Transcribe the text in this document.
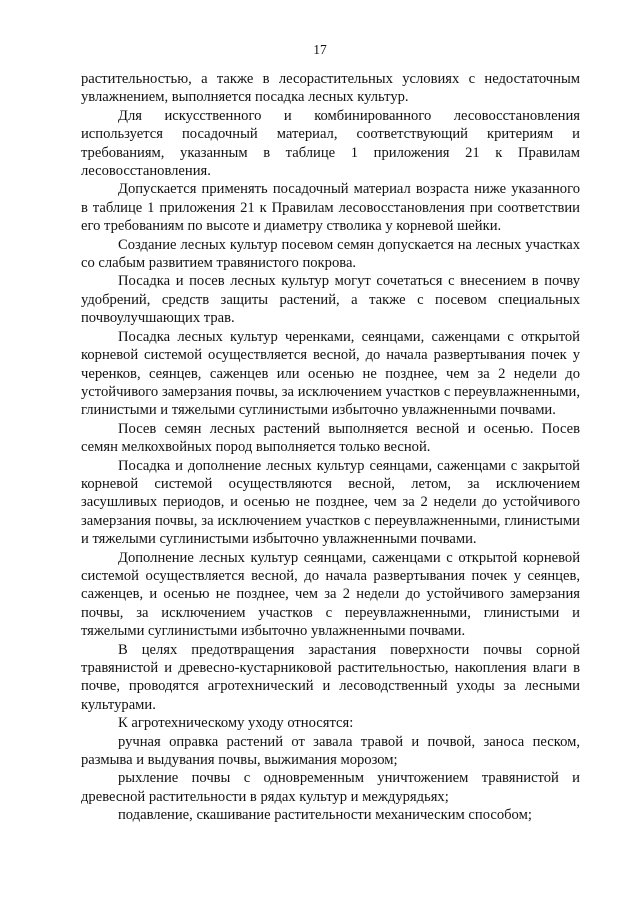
17

растительностью, а также в лесорастительных условиях с недостаточным увлажнением, выполняется посадка лесных культур.

Для искусственного и комбинированного лесовосстановления используется посадочный материал, соответствующий критериям и требованиям, указанным в таблице 1 приложения 21 к Правилам лесовосстановления.

Допускается применять посадочный материал возраста ниже указанного в таблице 1 приложения 21 к Правилам лесовосстановления при соответствии его требованиям по высоте и диаметру стволика у корневой шейки.

Создание лесных культур посевом семян допускается на лесных участках со слабым развитием травянистого покрова.

Посадка и посев лесных культур могут сочетаться с внесением в почву удобрений, средств защиты растений, а также с посевом специальных почвоулучшающих трав.

Посадка лесных культур черенками, сеянцами, саженцами с открытой корневой системой осуществляется весной, до начала развертывания почек у черенков, сеянцев, саженцев или осенью не позднее, чем за 2 недели до устойчивого замерзания почвы, за исключением участков с переувлажненными, глинистыми и тяжелыми суглинистыми избыточно увлажненными почвами.

Посев семян лесных растений выполняется весной и осенью. Посев семян мелкохвойных пород выполняется только весной.

Посадка и дополнение лесных культур сеянцами, саженцами с закрытой корневой системой осуществляются весной, летом, за исключением засушливых периодов, и осенью не позднее, чем за 2 недели до устойчивого замерзания почвы, за исключением участков с переувлажненными, глинистыми и тяжелыми суглинистыми избыточно увлажненными почвами.

Дополнение лесных культур сеянцами, саженцами с открытой корневой системой осуществляется весной, до начала развертывания почек у сеянцев, саженцев, и осенью не позднее, чем за 2 недели до устойчивого замерзания почвы, за исключением участков с переувлажненными, глинистыми и тяжелыми суглинистыми избыточно увлажненными почвами.

В целях предотвращения зарастания поверхности почвы сорной травянистой и древесно-кустарниковой растительностью, накопления влаги в почве, проводятся агротехнический и лесоводственный уходы за лесными культурами.

К агротехническому уходу относятся:

ручная оправка растений от завала травой и почвой, заноса песком, размыва и выдувания почвы, выжимания морозом;

рыхление почвы с одновременным уничтожением травянистой и древесной растительности в рядах культур и междурядьях;

подавление, скашивание растительности механическим способом;
